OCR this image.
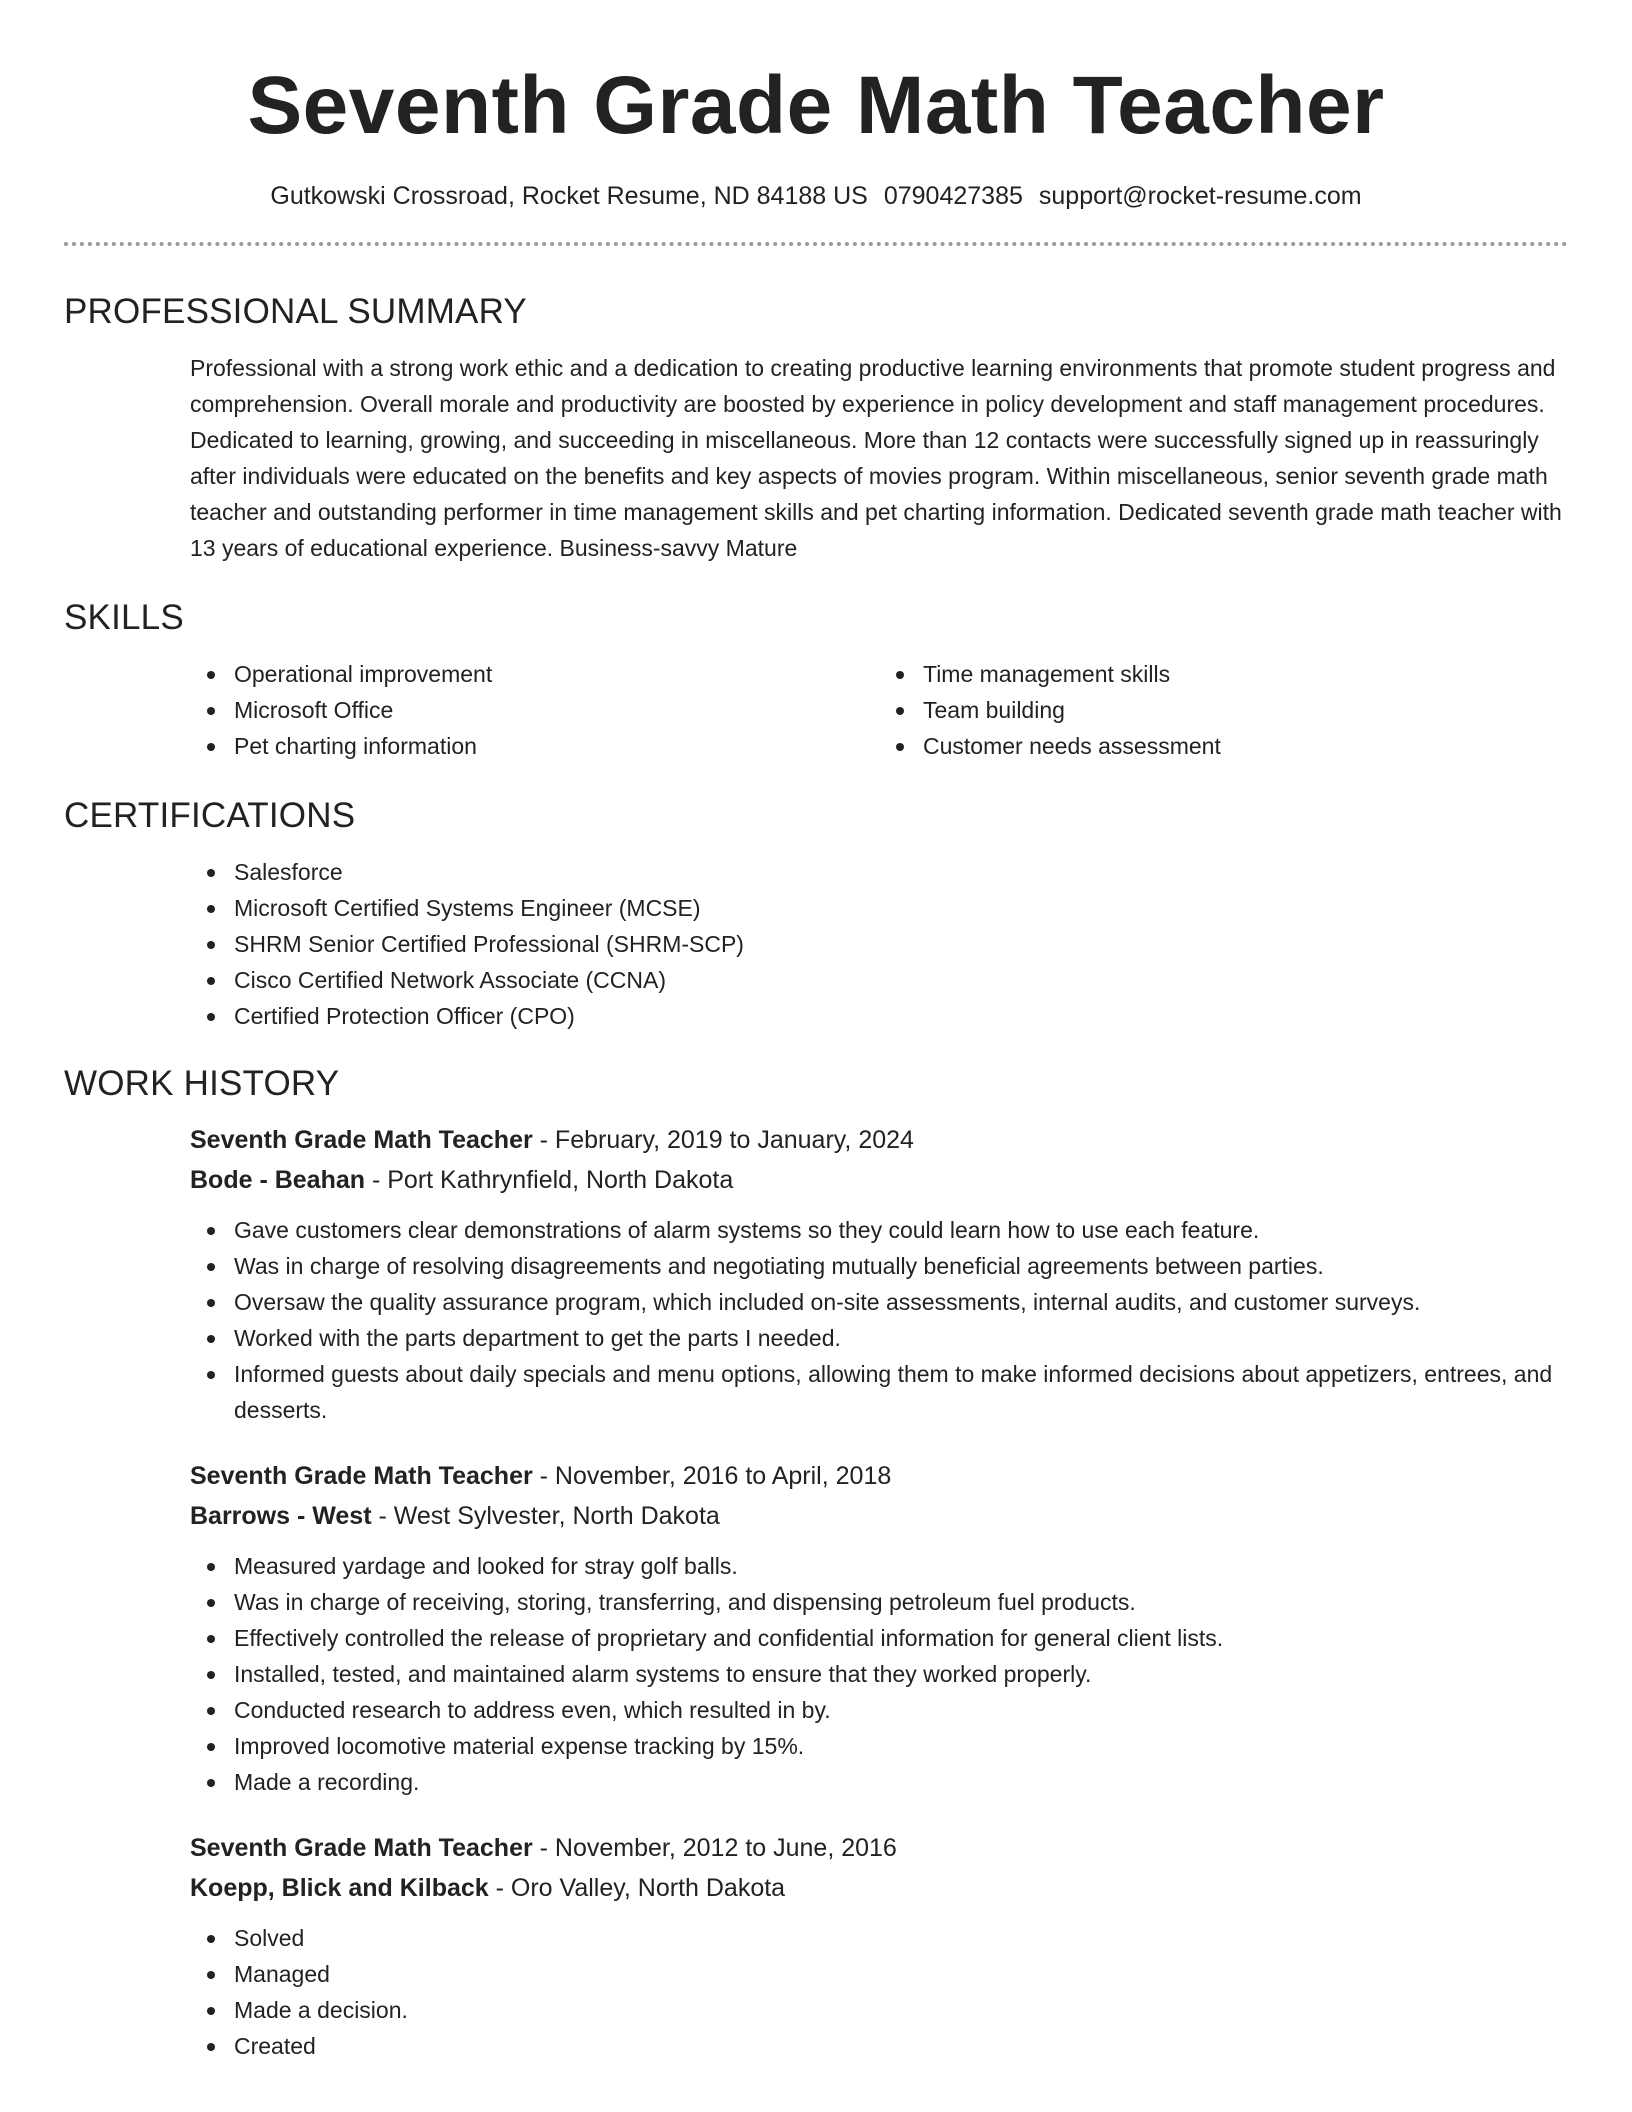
Seventh Grade Math Teacher
Gutkowski Crossroad, Rocket Resume, ND 84188 US 0790427385 support@rocket-resume.com
PROFESSIONAL SUMMARY

Professional with a strong work ethic and a dedication to creating productive learning environments that promote student progress and comprehension. Overall morale and productivity are boosted by experience in policy development and staff management procedures. Dedicated to learning, growing, and succeeding in miscellaneous. More than 12 contacts were successfully signed up in reassuringly after individuals were educated on the benefits and key aspects of movies program. Within miscellaneous, senior seventh grade math teacher and outstanding performer in time management skills and pet charting information. Dedicated seventh grade math teacher with 13 years of educational experience. Business-savvy Mature

SKILLS
Operational improvement
Microsoft Office
Pet charting information
Time management skills
Team building
Customer needs assessment
CERTIFICATIONS
Salesforce
Microsoft Certified Systems Engineer (MCSE)
SHRM Senior Certified Professional (SHRM-SCP)
Cisco Certified Network Associate (CCNA)
Certified Protection Officer (CPO)
WORK HISTORY
Seventh Grade Math Teacher - February, 2019 to January, 2024
Bode - Beahan - Port Kathrynfield, North Dakota
Gave customers clear demonstrations of alarm systems so they could learn how to use each feature.
Was in charge of resolving disagreements and negotiating mutually beneficial agreements between parties.
Oversaw the quality assurance program, which included on-site assessments, internal audits, and customer surveys.
Worked with the parts department to get the parts I needed.
Informed guests about daily specials and menu options, allowing them to make informed decisions about appetizers, entrees, and desserts.
Seventh Grade Math Teacher - November, 2016 to April, 2018
Barrows - West - West Sylvester, North Dakota
Measured yardage and looked for stray golf balls.
Was in charge of receiving, storing, transferring, and dispensing petroleum fuel products.
Effectively controlled the release of proprietary and confidential information for general client lists.
Installed, tested, and maintained alarm systems to ensure that they worked properly.
Conducted research to address even, which resulted in by.
Improved locomotive material expense tracking by 15%.
Made a recording.
Seventh Grade Math Teacher - November, 2012 to June, 2016
Koepp, Blick and Kilback - Oro Valley, North Dakota
Solved
Managed
Made a decision.
Created
